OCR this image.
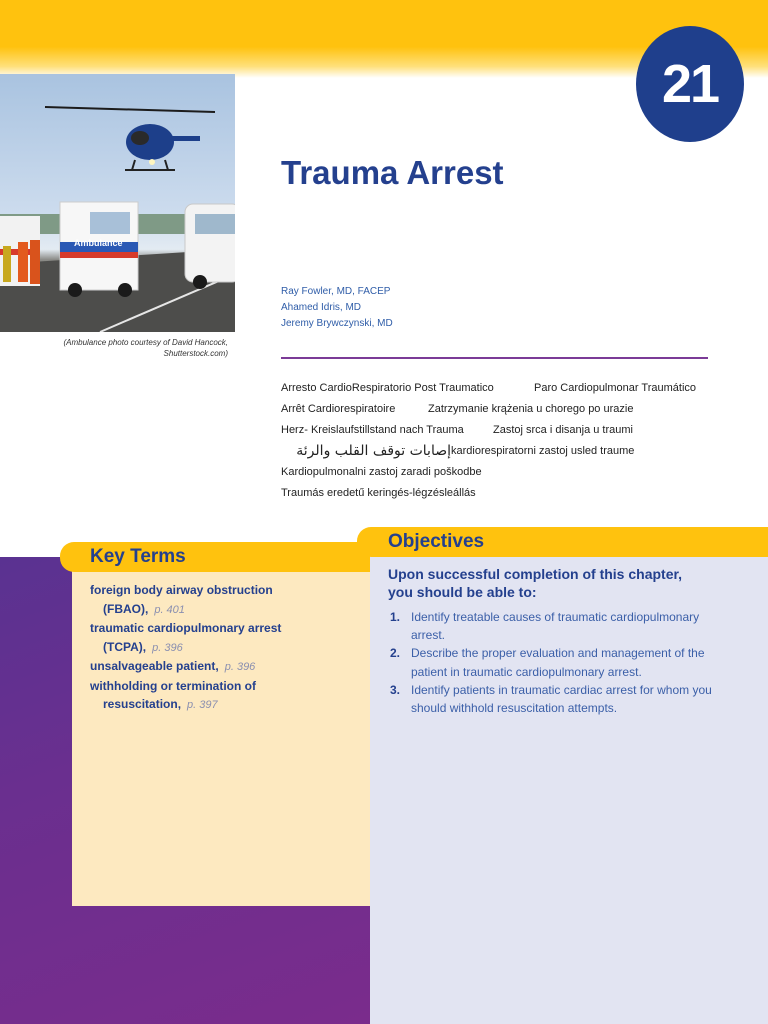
21
Ambulance
(Ambulance photo courtesy of David Hancock,
Shutterstock.com)
Trauma Arrest
Ray Fowler, MD, FACEP
Ahamed Idris, MD
Jeremy Brywczynski, MD
Arresto CardioRespiratorio Post Traumatico	Paro Cardiopulmonar Traumático
Arrêt Cardiorespiratoire	Zatrzymanie krążenia u chorego po urazie
Herz- Kreislaufstillstand nach Trauma	Zastoj srca i disanja u traumi
إصابات توقف القلب والرئة kardiorespiratorni zastoj usled traume
Kardiopulmonalni zastoj zaradi poškodbe
Traumás eredetű keringés-légzésleállás
Key Terms
Objectives
foreign body airway obstruction
(FBAO), p. 401
traumatic cardiopulmonary arrest
(TCPA), p. 396
unsalvageable patient, p. 396
withholding or termination of
resuscitation, p. 397
Upon successful completion of this chapter,
you should be able to:
1. Identify treatable causes of traumatic cardiopulmonary
arrest.
2. Describe the proper evaluation and management of the
patient in traumatic cardiopulmonary arrest.
3. Identify patients in traumatic cardiac arrest for whom you
should withhold resuscitation attempts.
